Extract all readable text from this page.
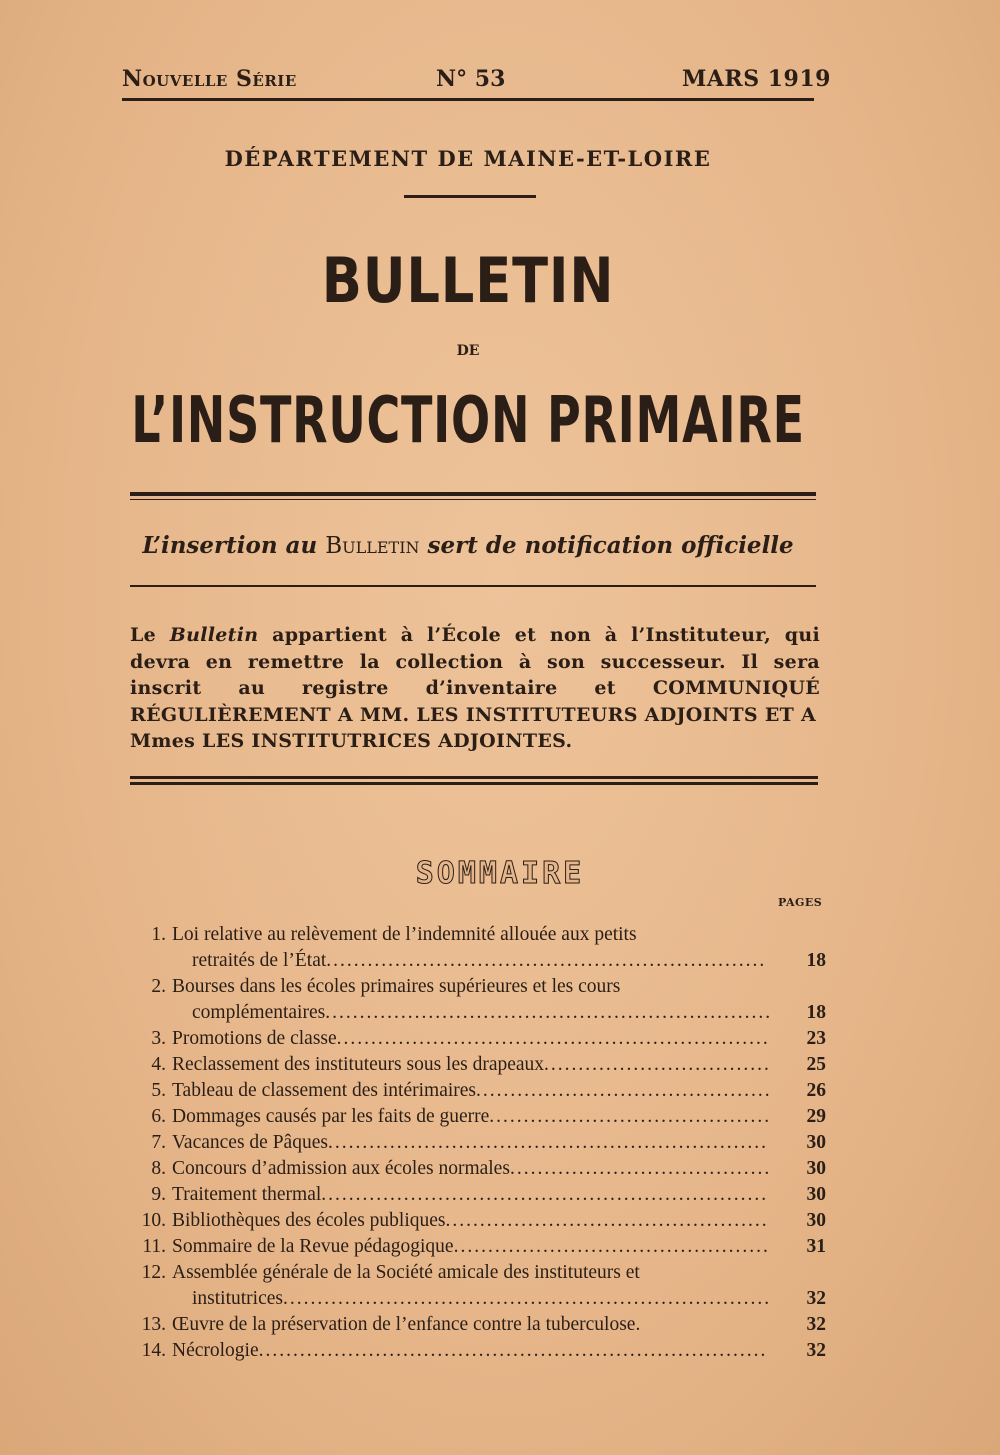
Nouvelle Série	N° 53	MARS 1919
DÉPARTEMENT DE MAINE-ET-LOIRE
BULLETIN
DE
L’INSTRUCTION PRIMAIRE
L’insertion au Bulletin sert de notification officielle
Le Bulletin appartient à l’École et non à l’Instituteur, qui devra en remettre la collection à son successeur. Il sera inscrit au registre d’inventaire et COMMUNIQUÉ RÉGULIÈREMENT A MM. LES INSTITUTEURS ADJOINTS ET A
Mmes LES INSTITUTRICES ADJOINTES.
SOMMAIRE
PAGES
1. Loi relative au relèvement de l’indemnité allouée aux petits
retraités de l’État................................................................	18
2. Bourses dans les écoles primaires supérieures et les cours
complémentaires.................................................................	18
3. Promotions de classe...............................................................	23
4. Reclassement des instituteurs sous les drapeaux.................................	25
5. Tableau de classement des intérimaires...........................................	26
6. Dommages causés par les faits de guerre.........................................	29
7. Vacances de Pâques................................................................	30
8. Concours d’admission aux écoles normales......................................	30
9. Traitement thermal.................................................................	30
10. Bibliothèques des écoles publiques...............................................	30
11. Sommaire de la Revue pédagogique..............................................	31
12. Assemblée générale de la Société amicale des instituteurs et
institutrices.......................................................................	32
13. Œuvre de la préservation de l’enfance contre la tuberculose.	32
14. Nécrologie..........................................................................	32
